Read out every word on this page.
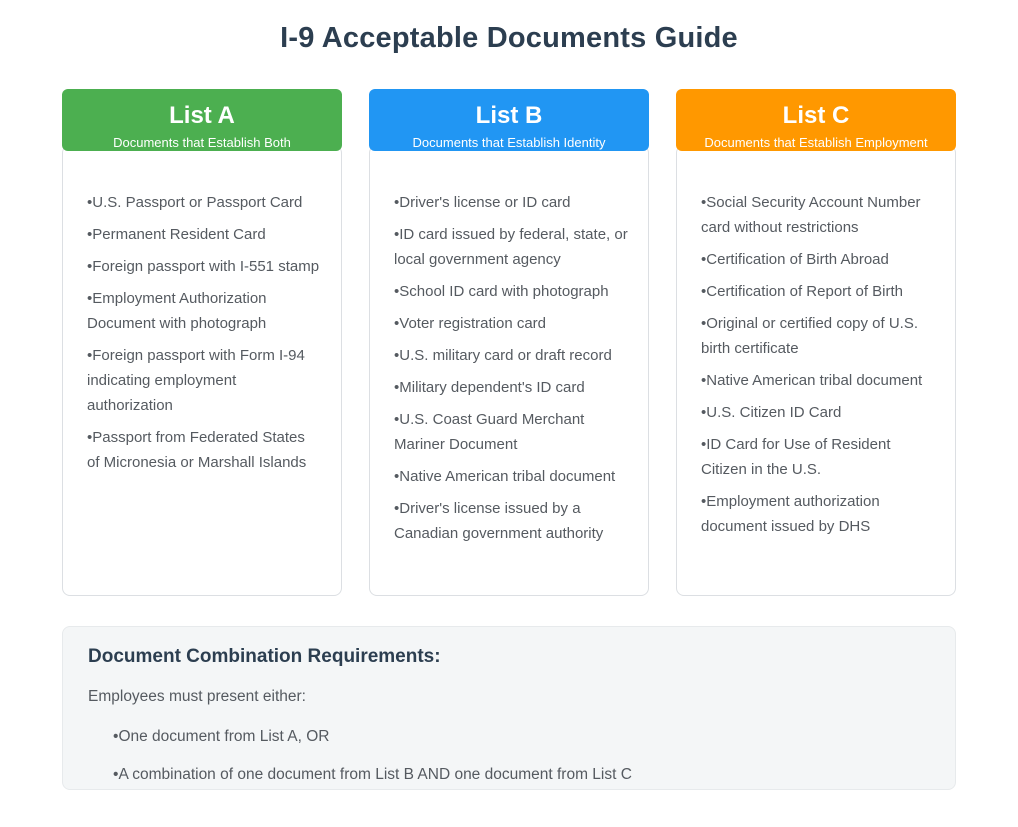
I-9 Acceptable Documents Guide
List A
Documents that Establish Both

• U.S. Passport or Passport Card

• Permanent Resident Card

• Foreign passport with I-551 stamp

• Employment Authorization Document with photograph

• Foreign passport with Form I-94 indicating employment authorization

• Passport from Federated States of Micronesia or Marshall Islands

List B
Documents that Establish Identity

• Driver's license or ID card

• ID card issued by federal, state, or local government agency

• School ID card with photograph

• Voter registration card

• U.S. military card or draft record

• Military dependent's ID card

• U.S. Coast Guard Merchant Mariner Document

• Native American tribal document

• Driver's license issued by a Canadian government authority

List C
Documents that Establish Employment

• Social Security Account Number card without restrictions

• Certification of Birth Abroad

• Certification of Report of Birth

• Original or certified copy of U.S. birth certificate

• Native American tribal document

• U.S. Citizen ID Card

• ID Card for Use of Resident Citizen in the U.S.

• Employment authorization document issued by DHS

Document Combination Requirements:

Employees must present either:

• One document from List A, OR

• A combination of one document from List B AND one document from List C
